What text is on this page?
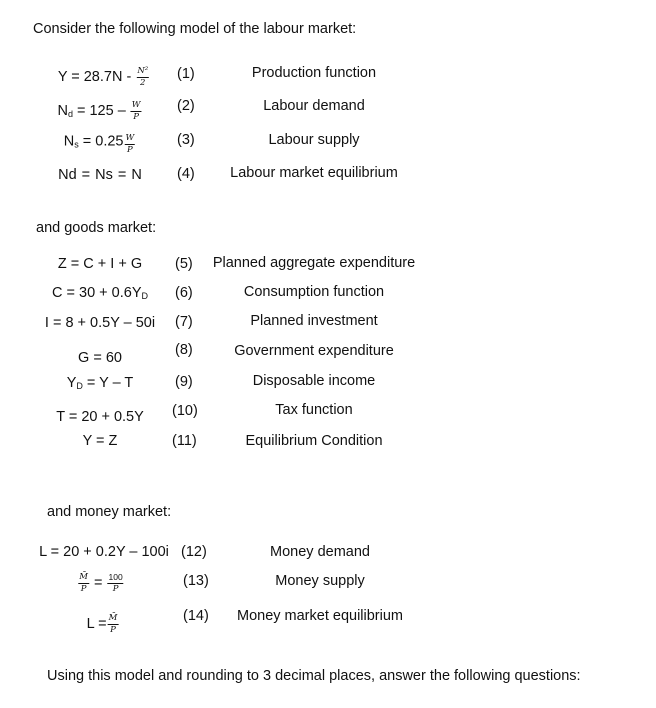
Consider the following model of the labour market:
$Y = 28.7N - \frac{\text{N²}}{2} (1)$	Production function
$N_d = 125 - \frac{W}{P} (2)$	Labour demand
$N_s = 0.25 \frac{W}{P}$	(3)	Labour supply
Nd = Ns = N (4) Labour market equilibrium
and goods market:
Z = C + I + G (5) Planned aggregate expenditure
$C = 30 + 0.6Y_D$ (6)	Consumption function
I = 8 + 0.5Y – 50i (7)	Planned investment
G = 60	(8)	Government expenditure
$Y_D = Y - T$	(9)	Disposable income
T = 20 + 0.5Y (10)	Tax function
Y = Z	(11)	Equilibrium Condition
and money market:
L = 20 + 0.2Y – 100i (12)	Money demand
$\frac{M̄}{P} = \frac{100}{P}$	(13)	Money supply
$L = \frac{M̄}{P}$	(14) Money market equilibrium
Using this model and rounding to 3 decimal places, answer the following questions:
